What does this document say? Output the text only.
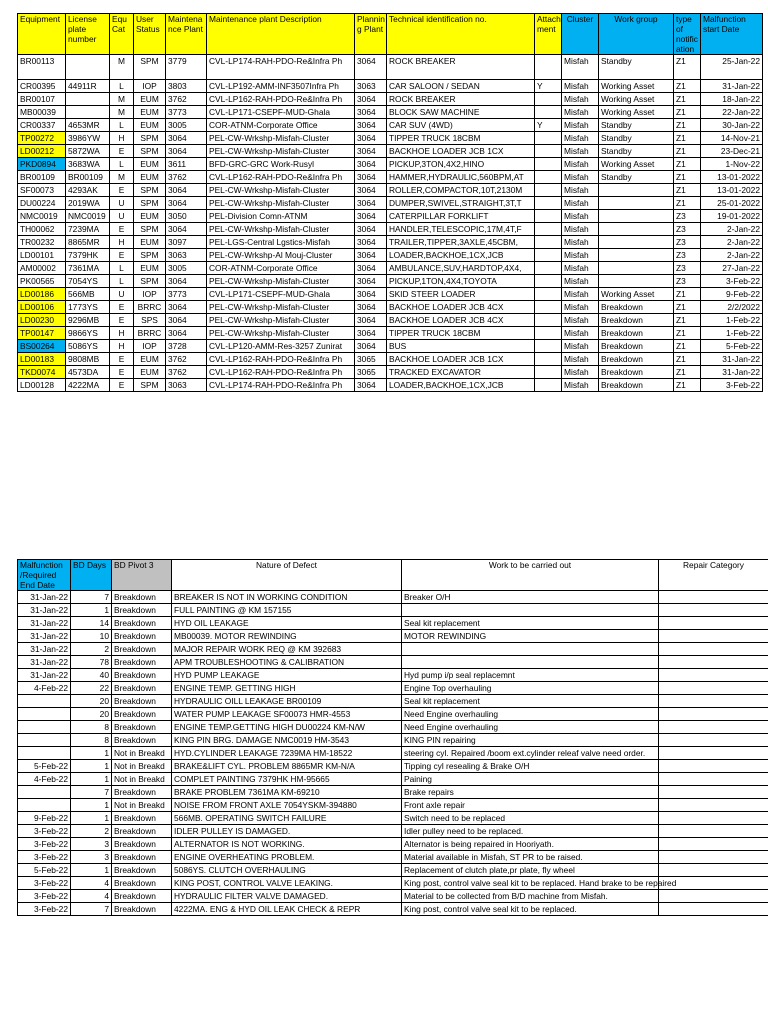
Equipment	License plate number	Equ Cat	User Status	Maintena nce Plant	Maintenance plant Description	Plannin g Plant	Technical identification no.	Attach ment	Cluster	Work group	type of notific ation	Malfunction start Date
BR00113		M	SPM	3779	CVL-LP174-RAH-PDO-Re&Infra Ph	3064	ROCK BREAKER		Misfah	Standby	Z1	25-Jan-22
CR00395	44911R	L	IOP	3803	CVL-LP192-AMM-INF3507Infra Ph	3063	CAR SALOON / SEDAN	Y	Misfah	Working Asset	Z1	31-Jan-22
BR00107		M	EUM	3762	CVL-LP162-RAH-PDO-Re&Infra Ph	3064	ROCK BREAKER		Misfah	Working Asset	Z1	18-Jan-22
MB00039		M	EUM	3773	CVL-LP171-CSEPF-MUD-Ghala	3064	BLOCK SAW MACHINE		Misfah	Working Asset	Z1	22-Jan-22
CR00337	4653MR	L	EUM	3005	COR-ATNM-Corporate Office	3064	CAR SUV (4WD)	Y	Misfah	Standby	Z1	30-Jan-22
TP00272	3986YW	H	SPM	3064	PEL-CW-Wrkshp-Misfah-Cluster	3064	TIPPER TRUCK 18CBM		Misfah	Standby	Z1	14-Nov-21
LD00212	5872WA	E	SPM	3064	PEL-CW-Wrkshp-Misfah-Cluster	3064	BACKHOE LOADER JCB 1CX		Misfah	Standby	Z1	23-Dec-21
PKD0894	3683WA	L	EUM	3611	BFD-GRC-GRC Work-Rusyl	3064	PICKUP,3TON,4X2,HINO		Misfah	Working Asset	Z1	1-Nov-22
BR00109	BR00109	M	EUM	3762	CVL-LP162-RAH-PDO-Re&Infra Ph	3064	HAMMER,HYDRAULIC,560BPM,AT		Misfah	Standby	Z1	13-01-2022
SF00073	4293AK	E	SPM	3064	PEL-CW-Wrkshp-Misfah-Cluster	3064	ROLLER,COMPACTOR,10T,2130M		Misfah		Z1	13-01-2022
DU00224	2019WA	U	SPM	3064	PEL-CW-Wrkshp-Misfah-Cluster	3064	DUMPER,SWIVEL,STRAIGHT,3T,T		Misfah		Z1	25-01-2022
NMC0019	NMC0019	U	EUM	3050	PEL-Division Comn-ATNM	3064	CATERPILLAR FORKLIFT		Misfah		Z3	19-01-2022
TH00062	7239MA	E	SPM	3064	PEL-CW-Wrkshp-Misfah-Cluster	3064	HANDLER,TELESCOPIC,17M,4T,F		Misfah		Z3	2-Jan-22
TR00232	8865MR	H	EUM	3097	PEL-LGS-Central Lgstics-Misfah	3064	TRAILER,TIPPER,3AXLE,45CBM,		Misfah		Z3	2-Jan-22
LD00101	7379HK	E	SPM	3063	PEL-CW-Wrkshp-Al Mouj-Cluster	3064	LOADER,BACKHOE,1CX,JCB		Misfah		Z3	2-Jan-22
AM00002	7361MA	L	EUM	3005	COR-ATNM-Corporate Office	3064	AMBULANCE,SUV,HARDTOP,4X4,		Misfah		Z3	27-Jan-22
PK00565	7054YS	L	SPM	3064	PEL-CW-Wrkshp-Misfah-Cluster	3064	PICKUP,1TON,4X4,TOYOTA		Misfah		Z3	3-Feb-22
LD00186	566MB	U	IOP	3773	CVL-LP171-CSEPF-MUD-Ghala	3064	SKID STEER LOADER		Misfah	Working Asset	Z1	9-Feb-22
LD00106	1773YS	E	BRRC	3064	PEL-CW-Wrkshp-Misfah-Cluster	3064	BACKHOE LOADER JCB 4CX		Misfah	Breakdown	Z1	2/2/2022
LD00230	9296MB	E	SPS	3064	PEL-CW-Wrkshp-Misfah-Cluster	3064	BACKHOE LOADER JCB 4CX		Misfah	Breakdown	Z1	1-Feb-22
TP00147	9866YS	H	BRRC	3064	PEL-CW-Wrkshp-Misfah-Cluster	3064	TIPPER TRUCK 18CBM		Misfah	Breakdown	Z1	1-Feb-22
BS00264	5086YS	H	IOP	3728	CVL-LP120-AMM-Res-3257 Zunirat	3064	BUS		Misfah	Breakdown	Z1	5-Feb-22
LD00183	9808MB	E	EUM	3762	CVL-LP162-RAH-PDO-Re&Infra Ph	3065	BACKHOE LOADER JCB 1CX		Misfah	Breakdown	Z1	31-Jan-22
TKD0074	4573DA	E	EUM	3762	CVL-LP162-RAH-PDO-Re&Infra Ph	3065	TRACKED EXCAVATOR		Misfah	Breakdown	Z1	31-Jan-22
LD00128	4222MA	E	SPM	3063	CVL-LP174-RAH-PDO-Re&Infra Ph	3064	LOADER,BACKHOE,1CX,JCB		Misfah	Breakdown	Z1	3-Feb-22
Malfunction /Required End Date	BD Days	BD Pivot 3	Nature of Defect	Work to be carried out	Repair Category
31-Jan-22	7	Breakdown	BREAKER IS NOT IN WORKING CONDITION	Breaker O/H	
31-Jan-22	1	Breakdown	FULL PAINTING @ KM 157155		
31-Jan-22	14	Breakdown	HYD OIL LEAKAGE	Seal kit replacement	
31-Jan-22	10	Breakdown	MB00039. MOTOR REWINDING	MOTOR REWINDING	
31-Jan-22	2	Breakdown	MAJOR REPAIR WORK REQ @ KM 392683		
31-Jan-22	78	Breakdown	APM TROUBLESHOOTING & CALIBRATION		
31-Jan-22	40	Breakdown	HYD PUMP LEAKAGE	Hyd pump i/p seal replacemnt	
4-Feb-22	22	Breakdown	ENGINE TEMP. GETTING HIGH	Engine Top overhauling	
	20	Breakdown	HYDRAULIC OILL LEAKAGE BR00109	Seal kit replacement	
	20	Breakdown	WATER PUMP LEAKAGE SF00073 HMR-4553	Need Engine overhauling	
	8	Breakdown	ENGINE TEMP.GETTING HIGH DU00224 KM-N/W	Need Engine overhauling	
	8	Breakdown	KING PIN BRG. DAMAGE NMC0019 HM-3543	KING PIN repairing	
	1	Not in Breakd	HYD.CYLINDER LEAKAGE 7239MA HM-18522	steering cyl. Repaired /boom ext.cylinder releaf valve need order.	
5-Feb-22	1	Not in Breakd	BRAKE&LIFT CYL. PROBLEM 8865MR KM-N/A	Tipping cyl resealing & Brake O/H	
4-Feb-22	1	Not in Breakd	COMPLET PAINTING 7379HK HM-95665	Paining	
	7	Breakdown	BRAKE PROBLEM 7361MA KM-69210	Brake repairs	
	1	Not in Breakd	NOISE FROM FRONT AXLE 7054YSKM-394880	Front axle repair	
9-Feb-22	1	Breakdown	566MB. OPERATING SWITCH FAILURE	Switch need to be replaced	
3-Feb-22	2	Breakdown	IDLER PULLEY IS DAMAGED.	Idler pulley need to be replaced.	
3-Feb-22	3	Breakdown	ALTERNATOR IS NOT WORKING.	Alternator is being repaired in Hooriyath.	
3-Feb-22	3	Breakdown	ENGINE OVERHEATING PROBLEM.	Material available in Misfah, ST PR to be raised.	
5-Feb-22	1	Breakdown	5086YS. CLUTCH OVERHAULING	Replacement of clutch plate,pr plate, fly wheel	
3-Feb-22	4	Breakdown	KING POST, CONTROL VALVE LEAKING.	King post, control valve seal kit to be replaced. Hand brake to be repaired	
3-Feb-22	4	Breakdown	HYDRAULIC FILTER VALVE DAMAGED.	Material to be collected from B/D machine from Misfah.	
3-Feb-22	7	Breakdown	4222MA. ENG & HYD OIL LEAK CHECK & REPR	King post, control valve seal kit to be replaced.	
